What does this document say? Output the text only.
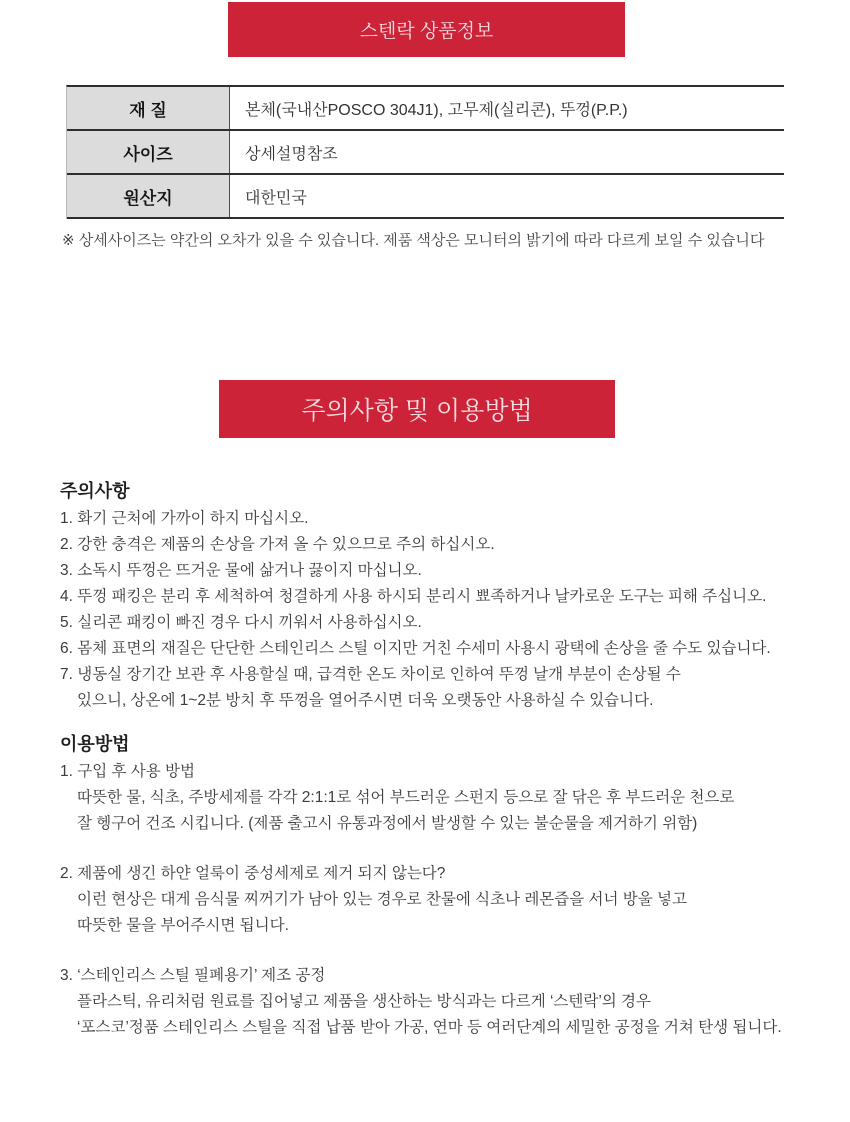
스텐락 상품정보
재 질	본체(국내산POSCO 304J1), 고무제(실리콘), 뚜껑(P.P.)
사이즈	상세설명참조
원산지	대한민국
※ 상세사이즈는 약간의 오차가 있을 수 있습니다. 제품 색상은 모니터의 밝기에 따라 다르게 보일 수 있습니다
주의사항 및 이용방법
주의사항
1. 화기 근처에 가까이 하지 마십시오.
2. 강한 충격은 제품의 손상을 가져 올 수 있으므로 주의 하십시오.
3. 소독시 뚜껑은 뜨거운 물에 삶거나 끓이지 마십니오.
4. 뚜껑 패킹은 분리 후 세척하여 청결하게 사용 하시되 분리시 뾰족하거나 날카로운 도구는 피해 주십니오.
5. 실리콘 패킹이 빠진 경우 다시 끼워서 사용하십시오.
6. 몸체 표면의 재질은 단단한 스테인리스 스틸 이지만 거친 수세미 사용시 광택에 손상을 줄 수도 있습니다.
7. 냉동실 장기간 보관 후 사용할실 때, 급격한 온도 차이로 인하여 뚜껑 날개 부분이 손상될 수
있으니, 상온에 1~2분 방치 후 뚜껑을 열어주시면 더욱 오랫동안 사용하실 수 있습니다.
이용방법
1. 구입 후 사용 방법
따뜻한 물, 식초, 주방세제를 각각 2:1:1로 섞어 부드러운 스펀지 등으로 잘 닦은 후 부드러운 천으로
잘 헹구어 건조 시킵니다. (제품 출고시 유통과정에서 발생할 수 있는 불순물을 제거하기 위함)
2. 제품에 생긴 하얀 얼룩이 중성세제로 제거 되지 않는다?
이런 현상은 대게 음식물 찌꺼기가 남아 있는 경우로 찬물에 식초나 레몬즙을 서너 방울 넣고
따뜻한 물을 부어주시면 됩니다.
3. ‘스테인리스 스틸 필폐용기’ 제조 공정
플라스틱, 유리처럼 원료를 집어넣고 제품을 생산하는 방식과는 다르게 ‘스텐락’의 경우
‘포스코’정품 스테인리스 스틸을 직접 납품 받아 가공, 연마 등 여러단계의 세밀한 공정을 거쳐 탄생 됩니다.
